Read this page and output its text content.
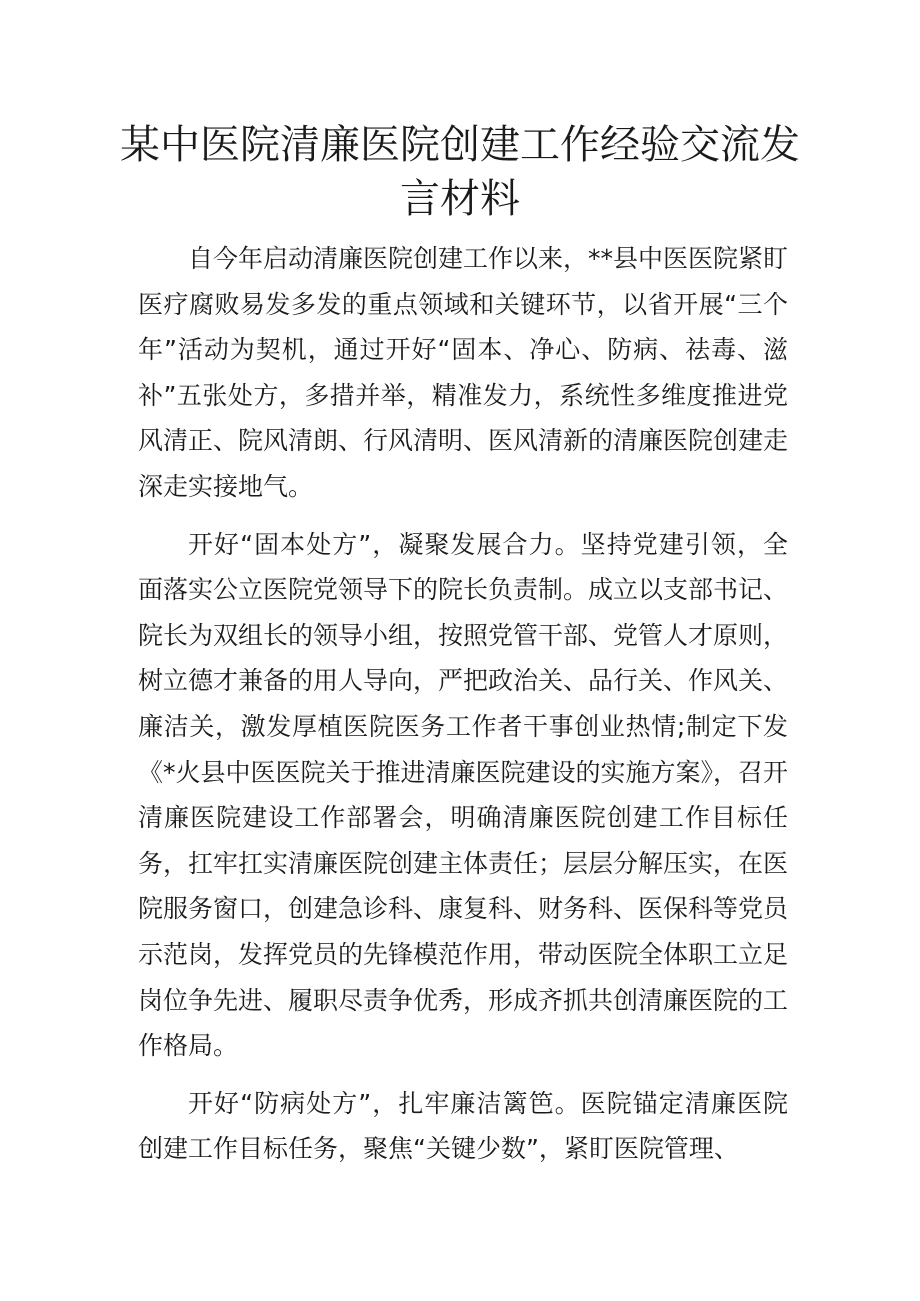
某中医院清廉医院创建工作经验交流发言材料

自今年启动清廉医院创建工作以来，**县中医医院紧盯医疗腐败易发多发的重点领域和关键环节，以省开展“三个年”活动为契机，通过开好“固本、净心、防病、祛毒、滋补”五张处方，多措并举，精准发力，系统性多维度推进党风清正、院风清朗、行风清明、医风清新的清廉医院创建走深走实接地气。

开好“固本处方”，凝聚发展合力。坚持党建引领，全面落实公立医院党领导下的院长负责制。成立以支部书记、院长为双组长的领导小组，按照党管干部、党管人才原则，树立德才兼备的用人导向，严把政治关、品行关、作风关、廉洁关，激发厚植医院医务工作者干事创业热情;制定下发《*火县中医医院关于推进清廉医院建设的实施方案》，召开清廉医院建设工作部署会，明确清廉医院创建工作目标任务，扛牢扛实清廉医院创建主体责任；层层分解压实，在医院服务窗口，创建急诊科、康复科、财务科、医保科等党员示范岗，发挥党员的先锋模范作用，带动医院全体职工立足岗位争先进、履职尽责争优秀，形成齐抓共创清廉医院的工作格局。

开好“防病处方”，扎牢廉洁篱笆。医院锚定清廉医院创建工作目标任务，聚焦“关键少数”，紧盯医院管理、
